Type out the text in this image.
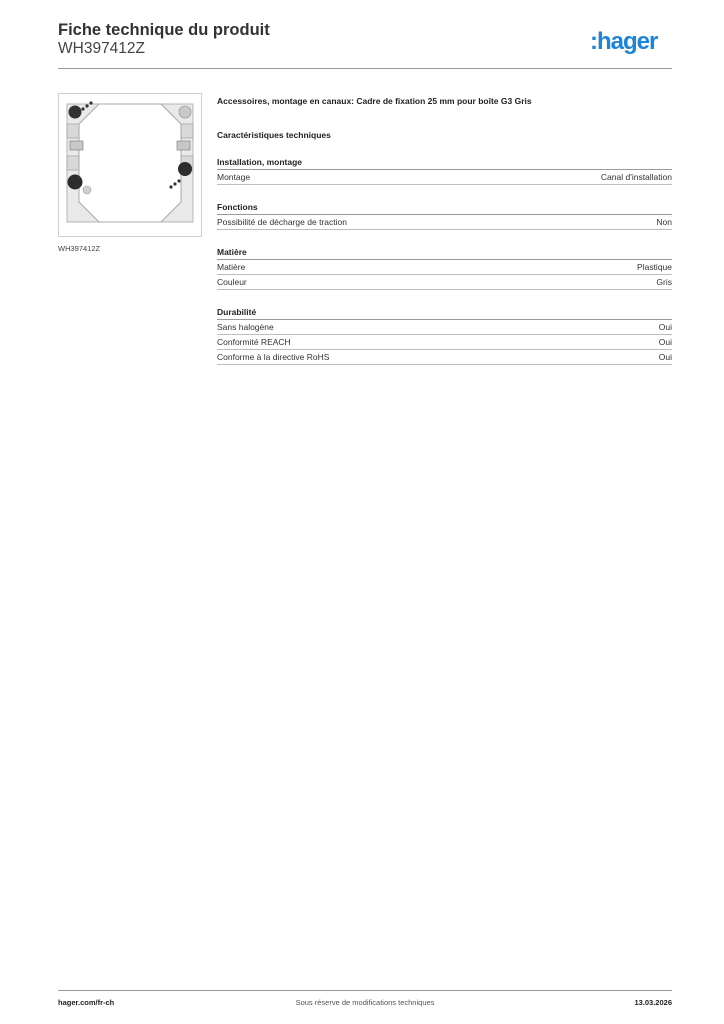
Fiche technique du produit
WH397412Z	:hager
WH397412Z
Accessoires, montage en canaux: Cadre de fixation 25 mm pour boîte G3 Gris
Caractéristiques techniques
Installation, montage
Montage	Canal d'installation
Fonctions
Possibilité de décharge de traction	Non
Matière
Matière	Plastique
Couleur	Gris
Durabilité
Sans halogène	Oui
Conformité REACH	Oui
Conforme à la directive RoHS	Oui
hager.com/fr-ch	Sous réserve de modifications techniques	13.03.2026
